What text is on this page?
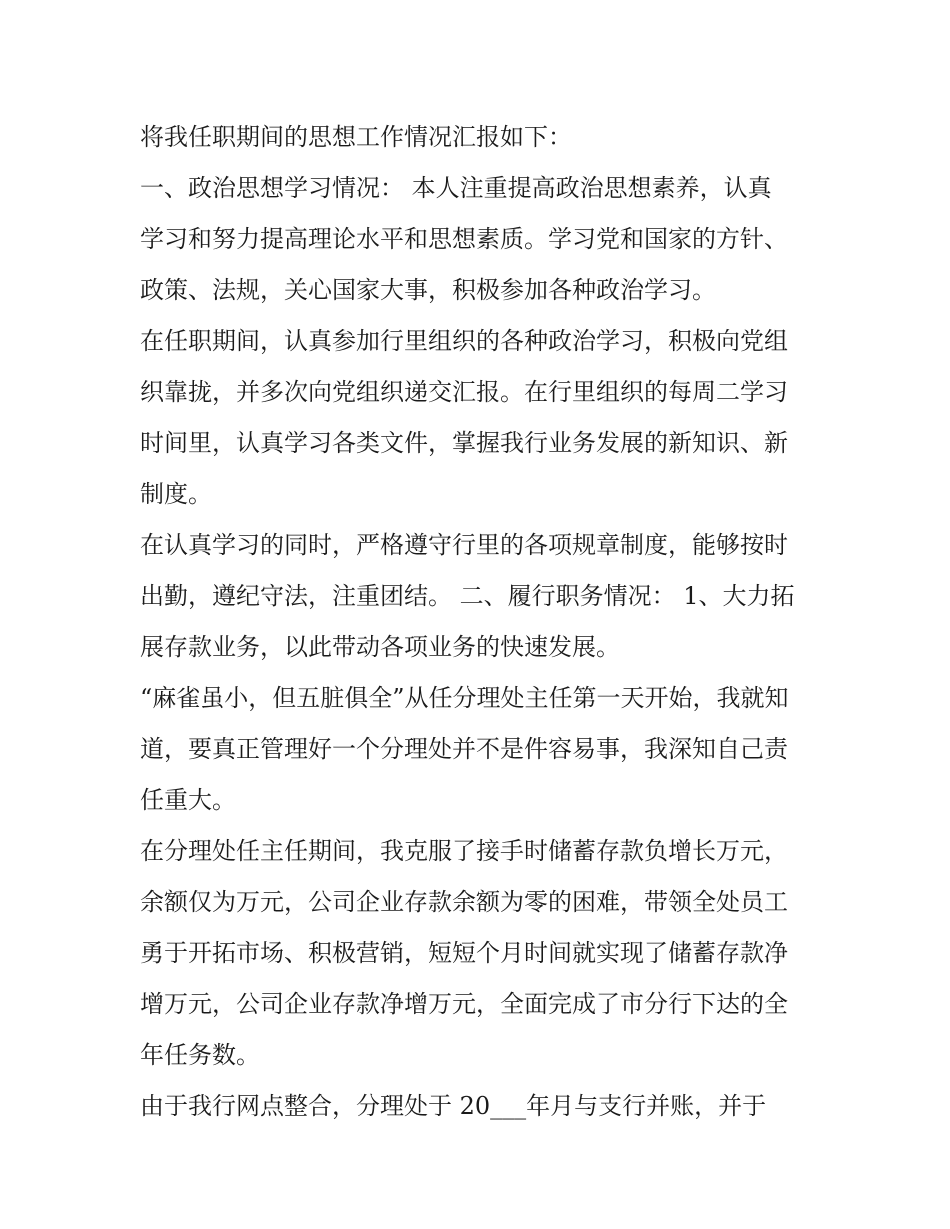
将我任职期间的思想工作情况汇报如下：
一、政治思想学习情况： 本人注重提高政治思想素养，认真
学习和努力提高理论水平和思想素质。学习党和国家的方针、
政策、法规，关心国家大事，积极参加各种政治学习。
在任职期间，认真参加行里组织的各种政治学习，积极向党组
织靠拢，并多次向党组织递交汇报。在行里组织的每周二学习
时间里，认真学习各类文件，掌握我行业务发展的新知识、新
制度。
在认真学习的同时，严格遵守行里的各项规章制度，能够按时
出勤，遵纪守法，注重团结。 二、履行职务情况： 1、大力拓
展存款业务，以此带动各项业务的快速发展。
“麻雀虽小，但五脏俱全”从任分理处主任第一天开始，我就知
道，要真正管理好一个分理处并不是件容易事，我深知自己责
任重大。
在分理处任主任期间，我克服了接手时储蓄存款负增长万元，
余额仅为万元，公司企业存款余额为零的困难，带领全处员工
勇于开拓市场、积极营销，短短个月时间就实现了储蓄存款净
增万元，公司企业存款净增万元，全面完成了市分行下达的全
年任务数。
由于我行网点整合，分理处于 20___年月与支行并账，并于
